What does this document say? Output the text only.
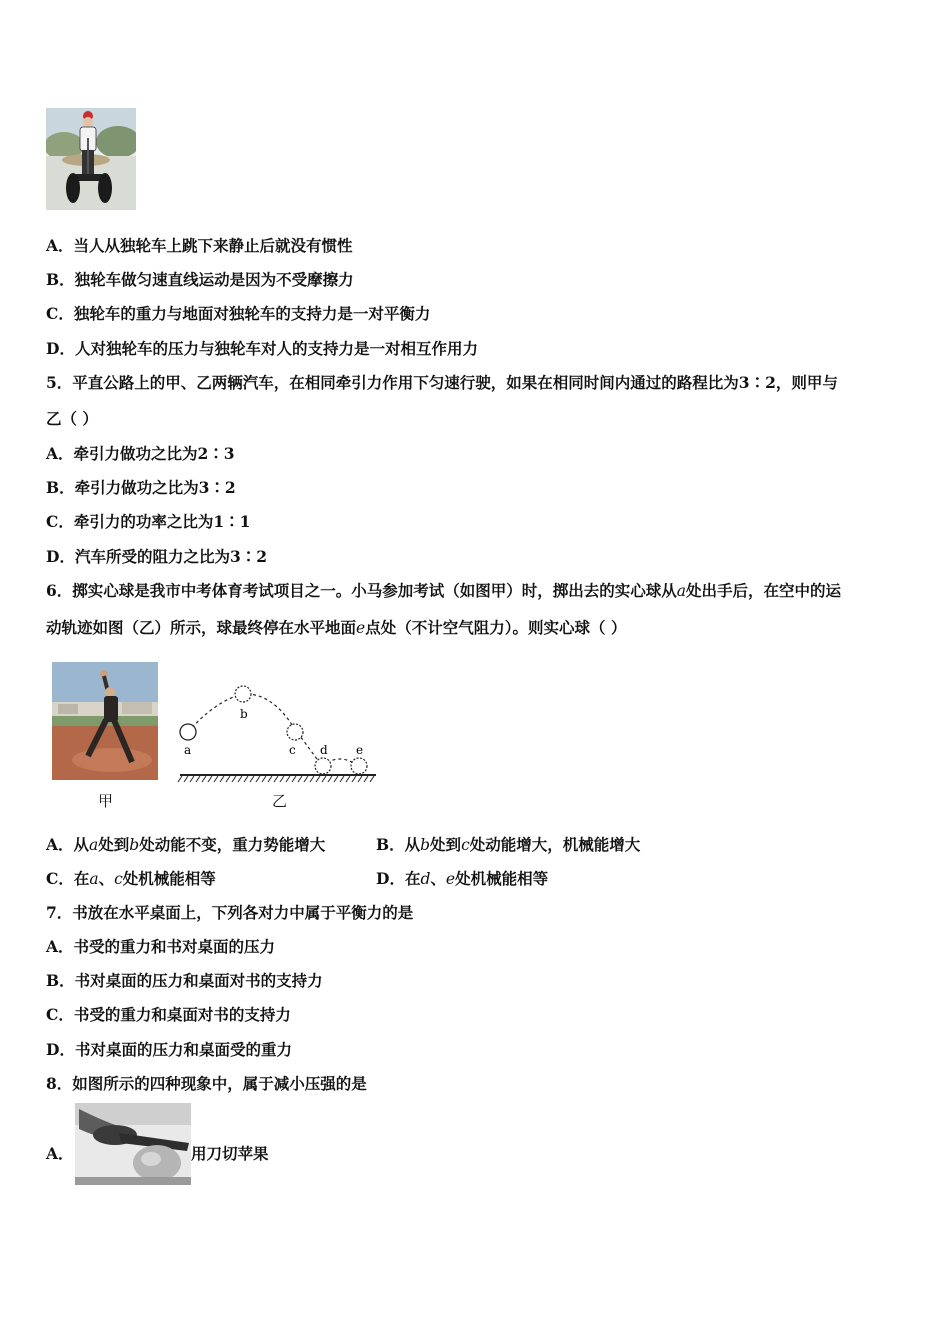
A．当人从独轮车上跳下来静止后就没有惯性
B．独轮车做匀速直线运动是因为不受摩擦力
C．独轮车的重力与地面对独轮车的支持力是一对平衡力
D．人对独轮车的压力与独轮车对人的支持力是一对相互作用力
5．平直公路上的甲、乙两辆汽车，在相同牵引力作用下匀速行驶，如果在相同时间内通过的路程比为3∶2，则甲与
乙（ ）
A．牵引力做功之比为2∶3
B．牵引力做功之比为3∶2
C．牵引力的功率之比为1∶1
D．汽车所受的阻力之比为3∶2
6．掷实心球是我市中考体育考试项目之一。小马参加考试（如图甲）时，掷出去的实心球从a处出手后，在空中的运
动轨迹如图（乙）所示，球最终停在水平地面e点处（不计空气阻力）。则实心球（ ）
甲
a
b
c d e
乙
A．从a处到b处动能不变，重力势能增大	B．从b处到c处动能增大，机械能增大
C．在a、c处机械能相等	D．在d、e处机械能相等
7．书放在水平桌面上，下列各对力中属于平衡力的是
A．书受的重力和书对桌面的压力
B．书对桌面的压力和桌面对书的支持力
C．书受的重力和桌面对书的支持力
D．书对桌面的压力和桌面受的重力
8．如图所示的四种现象中，属于减小压强的是
A．	用刀切苹果
